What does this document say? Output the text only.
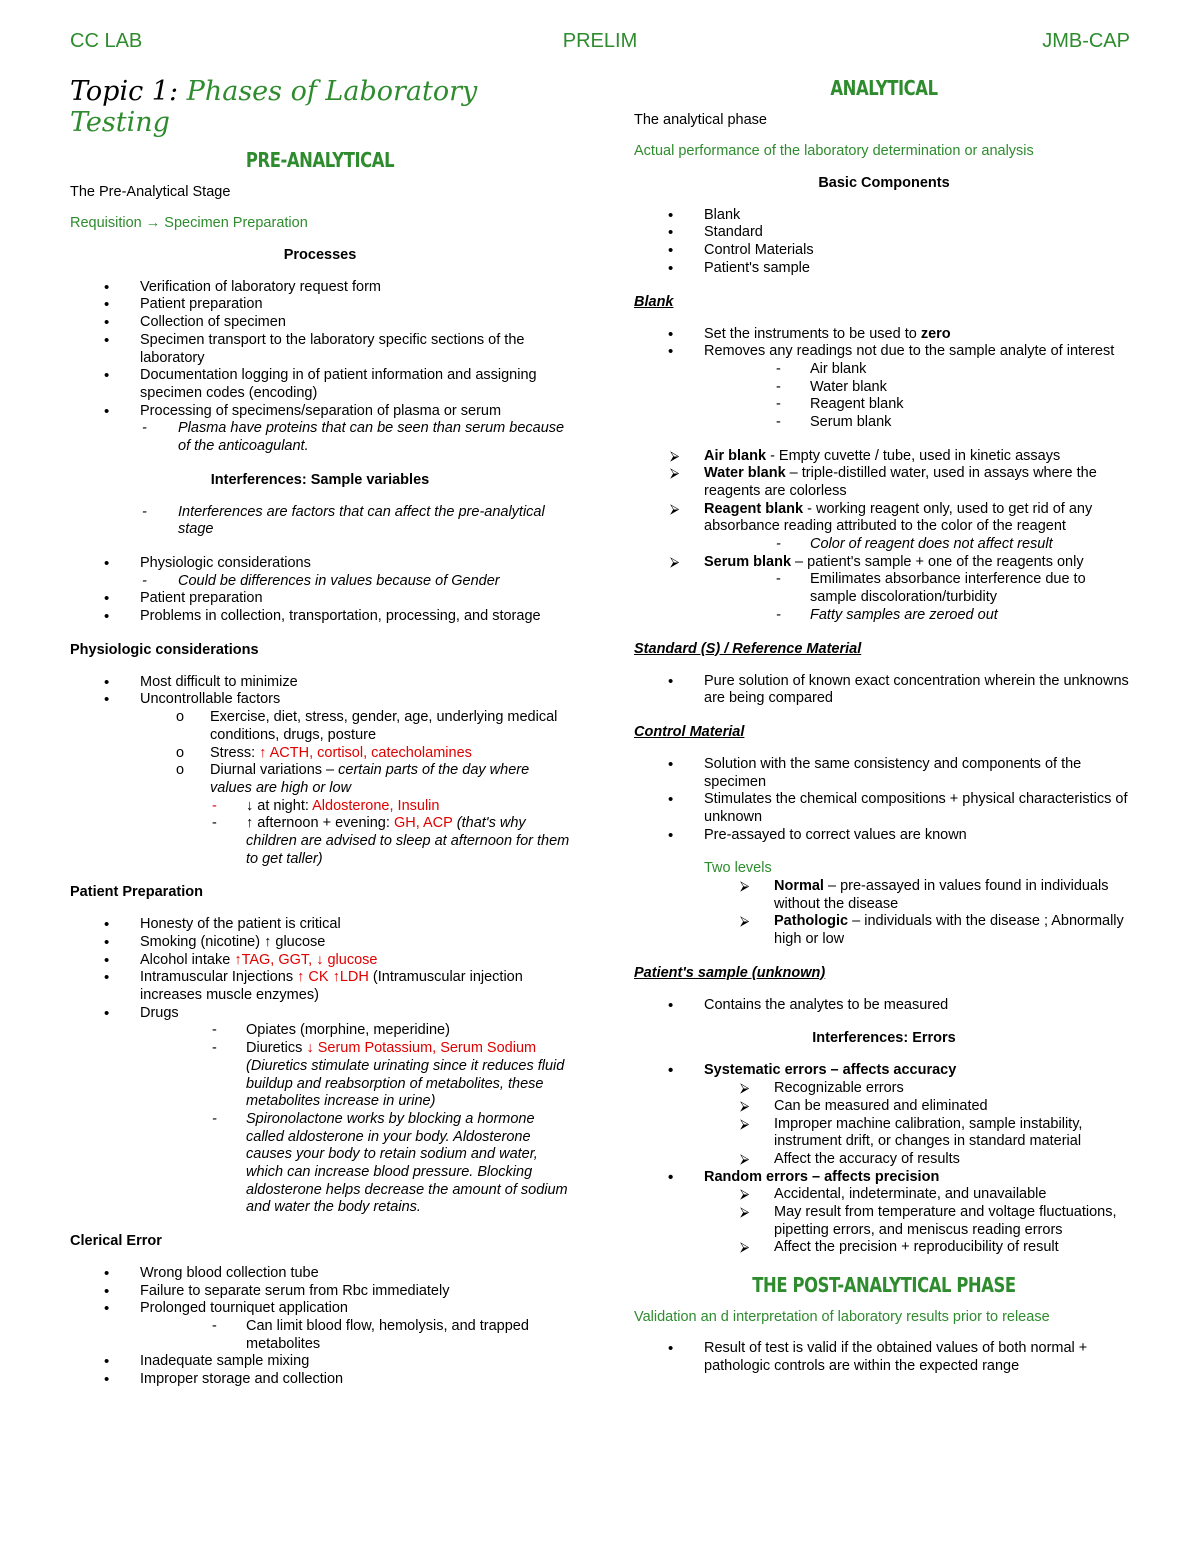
CC LAB	PRELIM	JMB-CAP
Topic 1: Phases of Laboratory Testing
PRE-ANALYTICAL

The Pre-Analytical Stage

Requisition → Specimen Preparation

Processes
• Verification of laboratory request form
• Patient preparation
• Collection of specimen
• Specimen transport to the laboratory specific sections of the laboratory
• Documentation logging in of patient information and assigning specimen codes (encoding)
• Processing of specimens/separation of plasma or serum
- Plasma have proteins that can be seen than serum because of the anticoagulant.
Interferences: Sample variables
- Interferences are factors that can affect the pre-analytical stage
• Physiologic considerations
- Could be differences in values because of Gender
• Patient preparation
• Problems in collection, transportation, processing, and storage
Physiologic considerations
• Most difficult to minimize
• Uncontrollable factors
o Exercise, diet, stress, gender, age, underlying medical conditions, drugs, posture
o Stress: ↑ ACTH, cortisol, catecholamines
o Diurnal variations – certain parts of the day where values are high or low
- ↓ at night: Aldosterone, Insulin
- ↑ afternoon + evening: GH, ACP (that's why children are advised to sleep at afternoon for them to get taller)
Patient Preparation
• Honesty of the patient is critical
• Smoking (nicotine) ↑ glucose
• Alcohol intake ↑TAG, GGT, ↓ glucose
• Intramuscular Injections ↑ CK ↑LDH (Intramuscular injection increases muscle enzymes)
• Drugs
- Opiates (morphine, meperidine)
- Diuretics ↓ Serum Potassium, Serum Sodium
(Diuretics stimulate urinating since it reduces fluid buildup and reabsorption of metabolites, these metabolites increase in urine)
- Spironolactone works by blocking a hormone called aldosterone in your body. Aldosterone causes your body to retain sodium and water, which can increase blood pressure. Blocking aldosterone helps decrease the amount of sodium and water the body retains.
Clerical Error
• Wrong blood collection tube
• Failure to separate serum from Rbc immediately
• Prolonged tourniquet application
- Can limit blood flow, hemolysis, and trapped metabolites
• Inadequate sample mixing
• Improper storage and collection
ANALYTICAL

The analytical phase

Actual performance of the laboratory determination or analysis

Basic Components
• Blank
• Standard
• Control Materials
• Patient's sample
Blank
• Set the instruments to be used to zero
• Removes any readings not due to the sample analyte of interest
- Air blank
- Water blank
- Reagent blank
- Serum blank
⮚ Air blank - Empty cuvette / tube, used in kinetic assays
⮚ Water blank – triple-distilled water, used in assays where the reagents are colorless
⮚ Reagent blank - working reagent only, used to get rid of any absorbance reading attributed to the color of the reagent
- Color of reagent does not affect result
⮚ Serum blank – patient's sample + one of the reagents only
- Emilimates absorbance interference due to sample discoloration/turbidity
- Fatty samples are zeroed out
Standard (S) / Reference Material
• Pure solution of known exact concentration wherein the unknowns are being compared
Control Material
• Solution with the same consistency and components of the specimen
• Stimulates the chemical compositions + physical characteristics of unknown
• Pre-assayed to correct values are known
Two levels
⮚ Normal – pre-assayed in values found in individuals without the disease
⮚ Pathologic – individuals with the disease ; Abnormally high or low
Patient's sample (unknown)
• Contains the analytes to be measured
Interferences: Errors
• Systematic errors – affects accuracy
⮚ Recognizable errors
⮚ Can be measured and eliminated
⮚ Improper machine calibration, sample instability, instrument drift, or changes in standard material
⮚ Affect the accuracy of results
• Random errors – affects precision
⮚ Accidental, indeterminate, and unavailable
⮚ May result from temperature and voltage fluctuations, pipetting errors, and meniscus reading errors
⮚ Affect the precision + reproducibility of result
THE POST-ANALYTICAL PHASE

Validation an d interpretation of laboratory results prior to release

• Result of test is valid if the obtained values of both normal + pathologic controls are within the expected range
